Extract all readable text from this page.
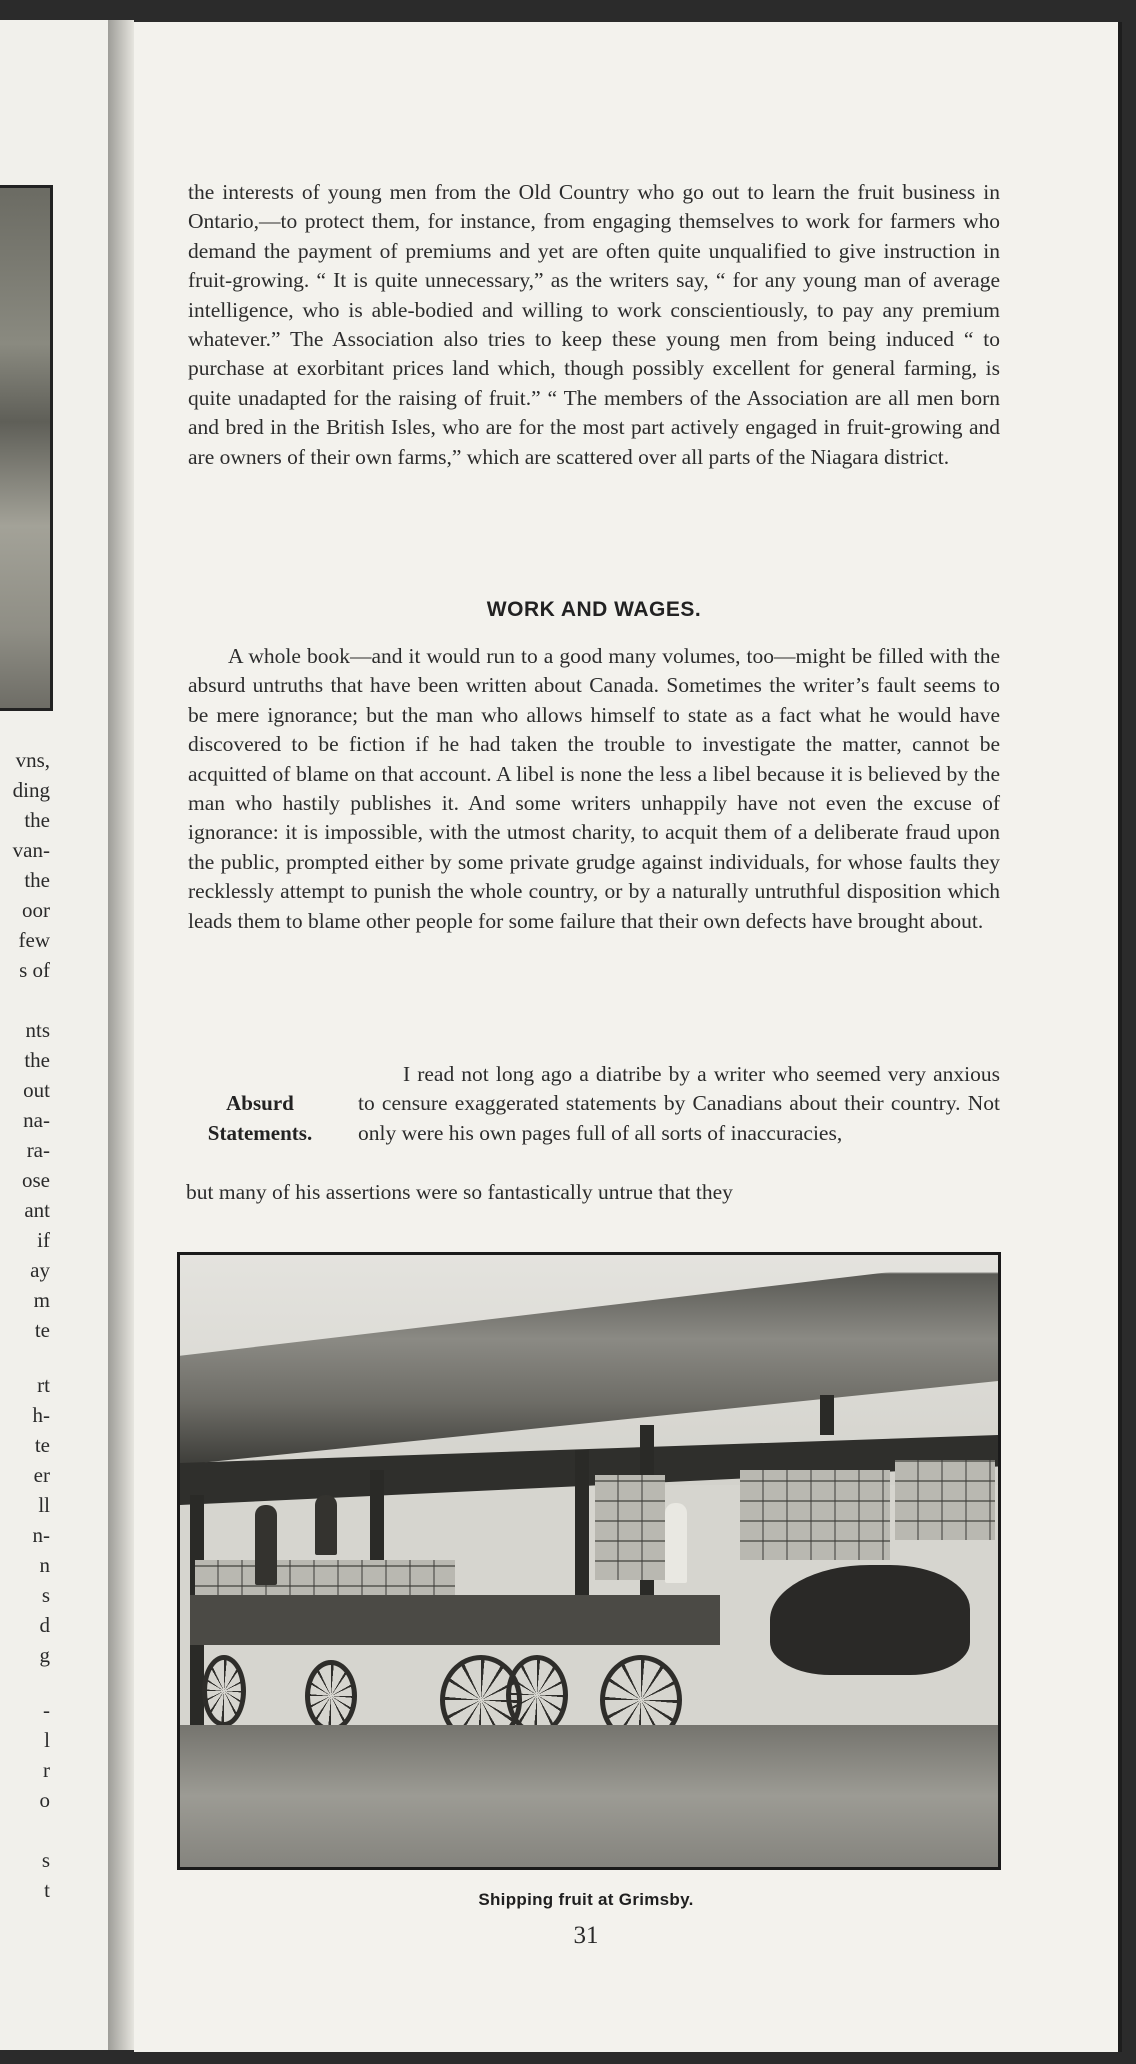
vns,
ding
the
van-
the
oor
few
s of
nts
the
out
na-
ra-
ose
ant
if
ay
m
te
rt
h-
te
er
ll
n-
n
s
d
g
-
l
r
o
s
t

the interests of young men from the Old Country who go out to learn the fruit business in Ontario,—to protect them, for instance, from engaging themselves to work for farmers who demand the payment of premiums and yet are often quite unqualified to give instruction in fruit-growing. “ It is quite unnecessary,” as the writers say, “ for any young man of average intelligence, who is able-bodied and willing to work conscientiously, to pay any premium whatever.” The Association also tries to keep these young men from being induced “ to purchase at exorbitant prices land which, though possibly excellent for general farming, is quite unadapted for the raising of fruit.” “ The members of the Association are all men born and bred in the British Isles, who are for the most part actively engaged in fruit-growing and are owners of their own farms,” which are scattered over all parts of the Niagara district.

WORK AND WAGES.

A whole book—and it would run to a good many volumes, too—might be filled with the absurd untruths that have been written about Canada. Sometimes the writer’s fault seems to be mere ignorance; but the man who allows himself to state as a fact what he would have discovered to be fiction if he had taken the trouble to investigate the matter, cannot be acquitted of blame on that account. A libel is none the less a libel because it is believed by the man who hastily publishes it. And some writers unhappily have not even the excuse of ignorance: it is impossible, with the utmost charity, to acquit them of a deliberate fraud upon the public, prompted either by some private grudge against individuals, for whose faults they recklessly attempt to punish the whole country, or by a naturally untruthful disposition which leads them to blame other people for some failure that their own defects have brought about.

Absurd Statements.
I read not long ago a diatribe by a writer who seemed very anxious to censure exaggerated statements by Canadians about their country. Not only were his own pages full of all sorts of inaccuracies,
but many of his assertions were so fantastically untrue that they
Shipping fruit at Grimsby.
31
